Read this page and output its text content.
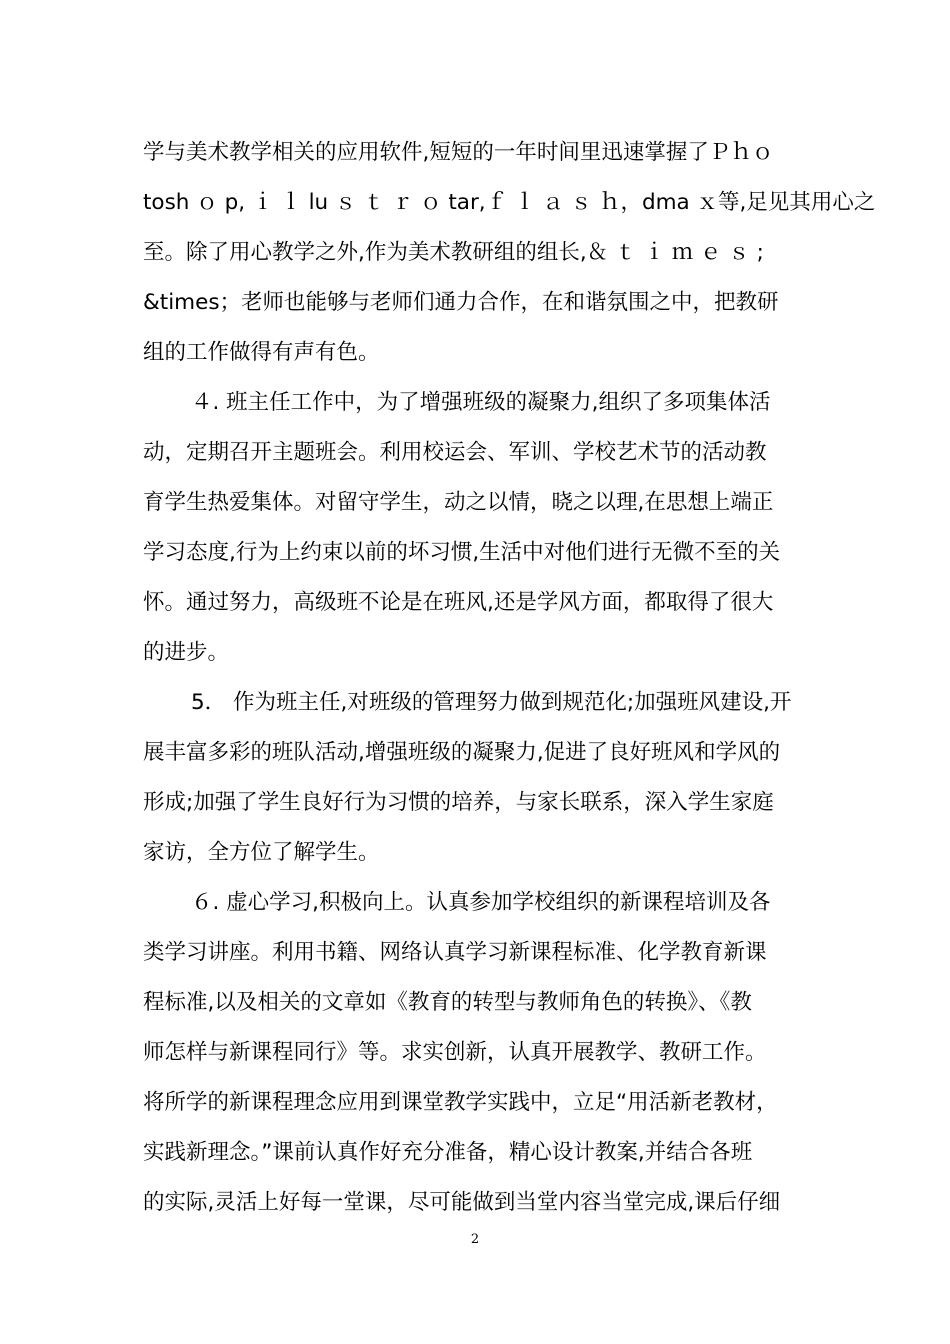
学与美术教学相关的应用软件,短短的一年时间里迅速掌握了Ｐｈｏ
tosh ｏ p, ｉ ｌ lu ｓ ｔ ｒ ｏ tar,ｆ ｌ ａ ｓ ｈ，dma ｘ等,足见其用心之
至。除了用心教学之外,作为美术教研组的组长,＆ ｔ ｉ ｍ ｅ ｓ ;
&times；老师也能够与老师们通力合作，在和谐氛围之中，把教研
组的工作做得有声有色。
４. 班主任工作中，为了增强班级的凝聚力,组织了多项集体活
动，定期召开主题班会。利用校运会、军训、学校艺术节的活动教
育学生热爱集体。对留守学生，动之以情，晓之以理,在思想上端正
学习态度,行为上约束以前的坏习惯,生活中对他们进行无微不至的关
怀。通过努力，高级班不论是在班风,还是学风方面，都取得了很大
的进步。
5． 作为班主任,对班级的管理努力做到规范化;加强班风建设,开
展丰富多彩的班队活动,增强班级的凝聚力,促进了良好班风和学风的
形成;加强了学生良好行为习惯的培养，与家长联系，深入学生家庭
家访，全方位了解学生。
６. 虚心学习,积极向上。认真参加学校组织的新课程培训及各
类学习讲座。利用书籍、网络认真学习新课程标准、化学教育新课
程标准,以及相关的文章如《教育的转型与教师角色的转换》、《教
师怎样与新课程同行》等。求实创新，认真开展教学、教研工作。
将所学的新课程理念应用到课堂教学实践中，立足“用活新老教材，
实践新理念。”课前认真作好充分准备，精心设计教案,并结合各班
的实际,灵活上好每一堂课，尽可能做到当堂内容当堂完成,课后仔细
2
